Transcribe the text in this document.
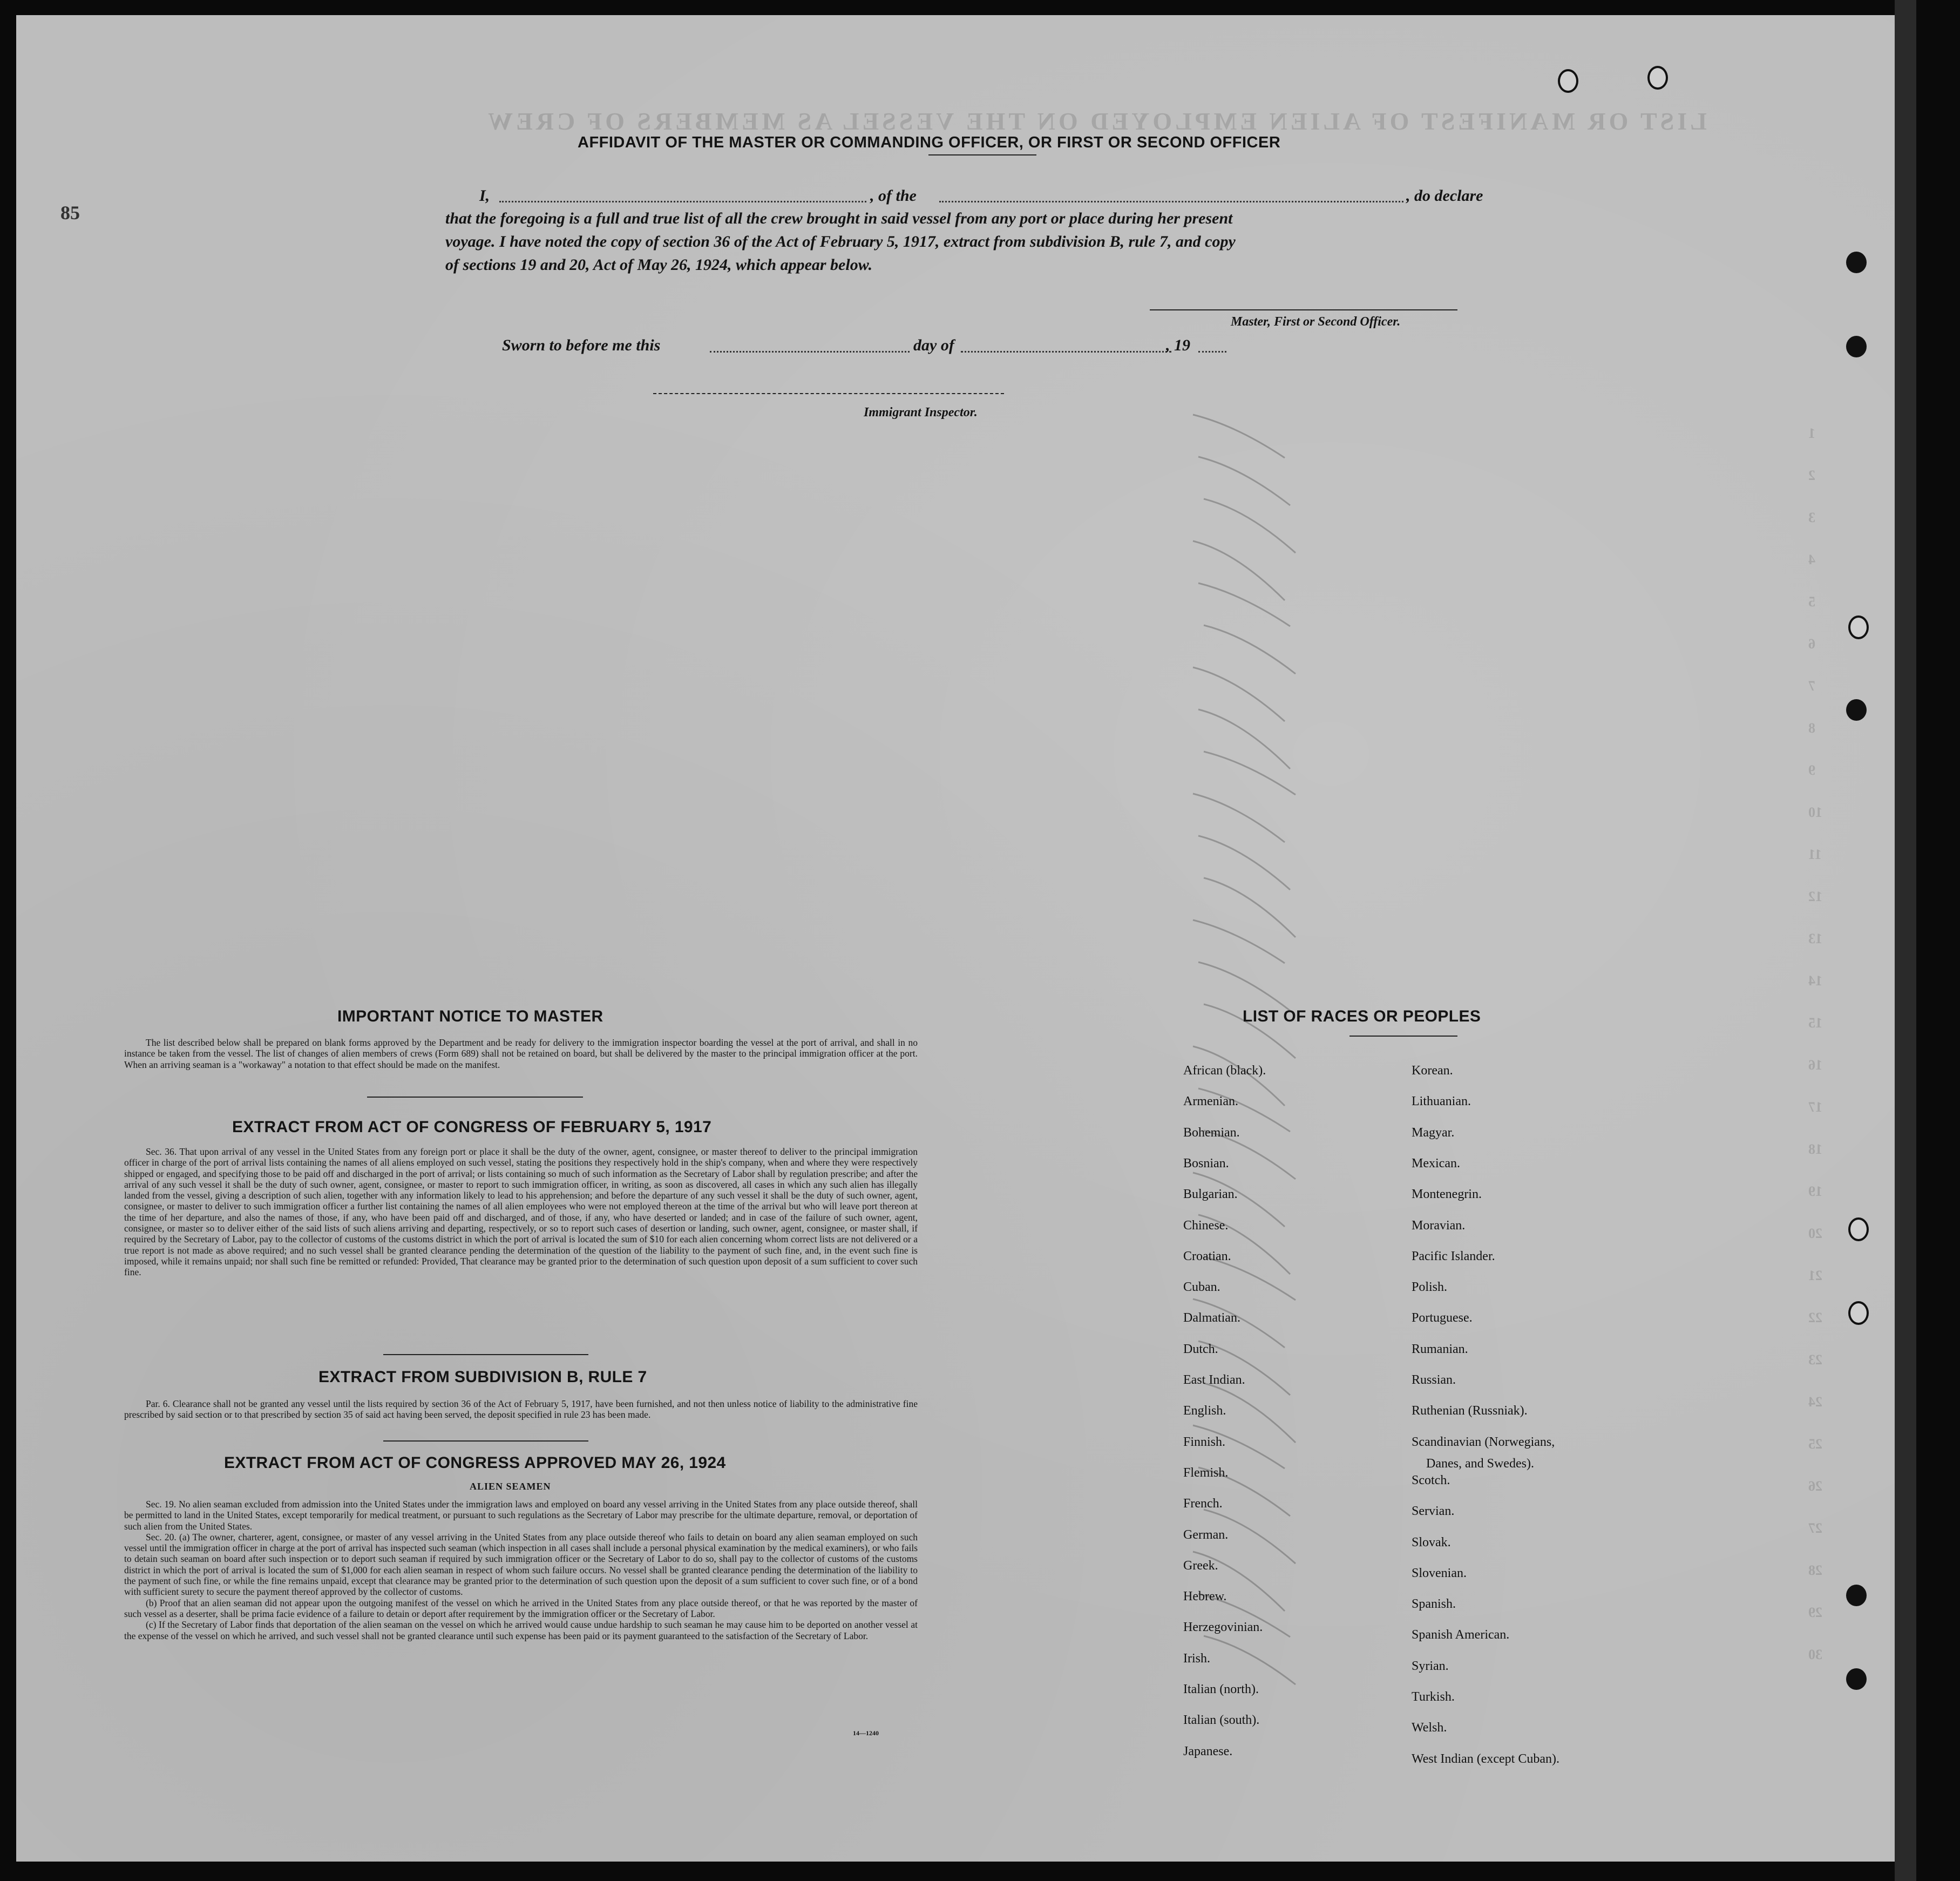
LIST OR MANIFEST OF ALIEN EMPLOYED ON THE VESSEL AS MEMBERS OF CREW
1
2
3
4
5
6
7
8
9
10
11
12
13
14
15
16
17
18
19
20
21
22
23
24
25
26
27
28
29
30
85
AFFIDAVIT OF THE MASTER OR COMMANDING OFFICER, OR FIRST OR SECOND OFFICER
I,	, of the	, do declare
that the foregoing is a full and true list of all the crew brought in said vessel from any port or place during her present
voyage. I have noted the copy of section 36 of the Act of February 5, 1917, extract from subdivision B, rule 7, and copy
of sections 19 and 20, Act of May 26, 1924, which appear below.
Master, First or Second Officer.
Sworn to before me this	day of	, 19
Immigrant Inspector.
IMPORTANT NOTICE TO MASTER

The list described below shall be prepared on blank forms approved by the Department and be ready for delivery to the immigration inspector boarding the vessel at the port of arrival, and shall in no instance be taken from the vessel. The list of changes of alien members of crews (Form 689) shall not be retained on board, but shall be delivered by the master to the principal immigration officer at the port. When an arriving seaman is a "workaway" a notation to that effect should be made on the manifest.

EXTRACT FROM ACT OF CONGRESS OF FEBRUARY 5, 1917

Sec. 36. That upon arrival of any vessel in the United States from any foreign port or place it shall be the duty of the owner, agent, consignee, or master thereof to deliver to the principal immigration officer in charge of the port of arrival lists containing the names of all aliens employed on such vessel, stating the positions they respectively hold in the ship's company, when and where they were respectively shipped or engaged, and specifying those to be paid off and discharged in the port of arrival; or lists containing so much of such information as the Secretary of Labor shall by regulation prescribe; and after the arrival of any such vessel it shall be the duty of such owner, agent, consignee, or master to report to such immigration officer, in writing, as soon as discovered, all cases in which any such alien has illegally landed from the vessel, giving a description of such alien, together with any information likely to lead to his apprehension; and before the departure of any such vessel it shall be the duty of such owner, agent, consignee, or master to deliver to such immigration officer a further list containing the names of all alien employees who were not employed thereon at the time of the arrival but who will leave port thereon at the time of her departure, and also the names of those, if any, who have been paid off and discharged, and of those, if any, who have deserted or landed; and in case of the failure of such owner, agent, consignee, or master so to deliver either of the said lists of such aliens arriving and departing, respectively, or so to report such cases of desertion or landing, such owner, agent, consignee, or master shall, if required by the Secretary of Labor, pay to the collector of customs of the customs district in which the port of arrival is located the sum of $10 for each alien concerning whom correct lists are not delivered or a true report is not made as above required; and no such vessel shall be granted clearance pending the determination of the question of the liability to the payment of such fine, and, in the event such fine is imposed, while it remains unpaid; nor shall such fine be remitted or refunded: Provided, That clearance may be granted prior to the determination of such question upon deposit of a sum sufficient to cover such fine.

EXTRACT FROM SUBDIVISION B, RULE 7

Par. 6. Clearance shall not be granted any vessel until the lists required by section 36 of the Act of February 5, 1917, have been furnished, and not then unless notice of liability to the administrative fine prescribed by said section or to that prescribed by section 35 of said act having been served, the deposit specified in rule 23 has been made.

EXTRACT FROM ACT OF CONGRESS APPROVED MAY 26, 1924
ALIEN SEAMEN

Sec. 19. No alien seaman excluded from admission into the United States under the immigration laws and employed on board any vessel arriving in the United States from any place outside thereof, shall be permitted to land in the United States, except temporarily for medical treatment, or pursuant to such regulations as the Secretary of Labor may prescribe for the ultimate departure, removal, or deportation of such alien from the United States.

Sec. 20. (a) The owner, charterer, agent, consignee, or master of any vessel arriving in the United States from any place outside thereof who fails to detain on board any alien seaman employed on such vessel until the immigration officer in charge at the port of arrival has inspected such seaman (which inspection in all cases shall include a personal physical examination by the medical examiners), or who fails to detain such seaman on board after such inspection or to deport such seaman if required by such immigration officer or the Secretary of Labor to do so, shall pay to the collector of customs of the customs district in which the port of arrival is located the sum of $1,000 for each alien seaman in respect of whom such failure occurs. No vessel shall be granted clearance pending the determination of the liability to the payment of such fine, or while the fine remains unpaid, except that clearance may be granted prior to the determination of such question upon the deposit of a sum sufficient to cover such fine, or of a bond with sufficient surety to secure the payment thereof approved by the collector of customs.

(b) Proof that an alien seaman did not appear upon the outgoing manifest of the vessel on which he arrived in the United States from any place outside thereof, or that he was reported by the master of such vessel as a deserter, shall be prima facie evidence of a failure to detain or deport after requirement by the immigration officer or the Secretary of Labor.

(c) If the Secretary of Labor finds that deportation of the alien seaman on the vessel on which he arrived would cause undue hardship to such seaman he may cause him to be deported on another vessel at the expense of the vessel on which he arrived, and such vessel shall not be granted clearance until such expense has been paid or its payment guaranteed to the satisfaction of the Secretary of Labor.

14—1240
LIST OF RACES OR PEOPLES
Danes, and Swedes).
African (black).
Armenian.
Bohemian.
Bosnian.
Bulgarian.
Chinese.
Croatian.
Cuban.
Dalmatian.
Dutch.
East Indian.
English.
Finnish.
Flemish.
French.
German.
Greek.
Hebrew.
Herzegovinian.
Irish.
Italian (north).
Italian (south).
Japanese.
Korean.
Lithuanian.
Magyar.
Mexican.
Montenegrin.
Moravian.
Pacific Islander.
Polish.
Portuguese.
Rumanian.
Russian.
Ruthenian (Russniak).
Scandinavian (Norwegians,
Scotch.
Servian.
Slovak.
Slovenian.
Spanish.
Spanish American.
Syrian.
Turkish.
Welsh.
West Indian (except Cuban).
